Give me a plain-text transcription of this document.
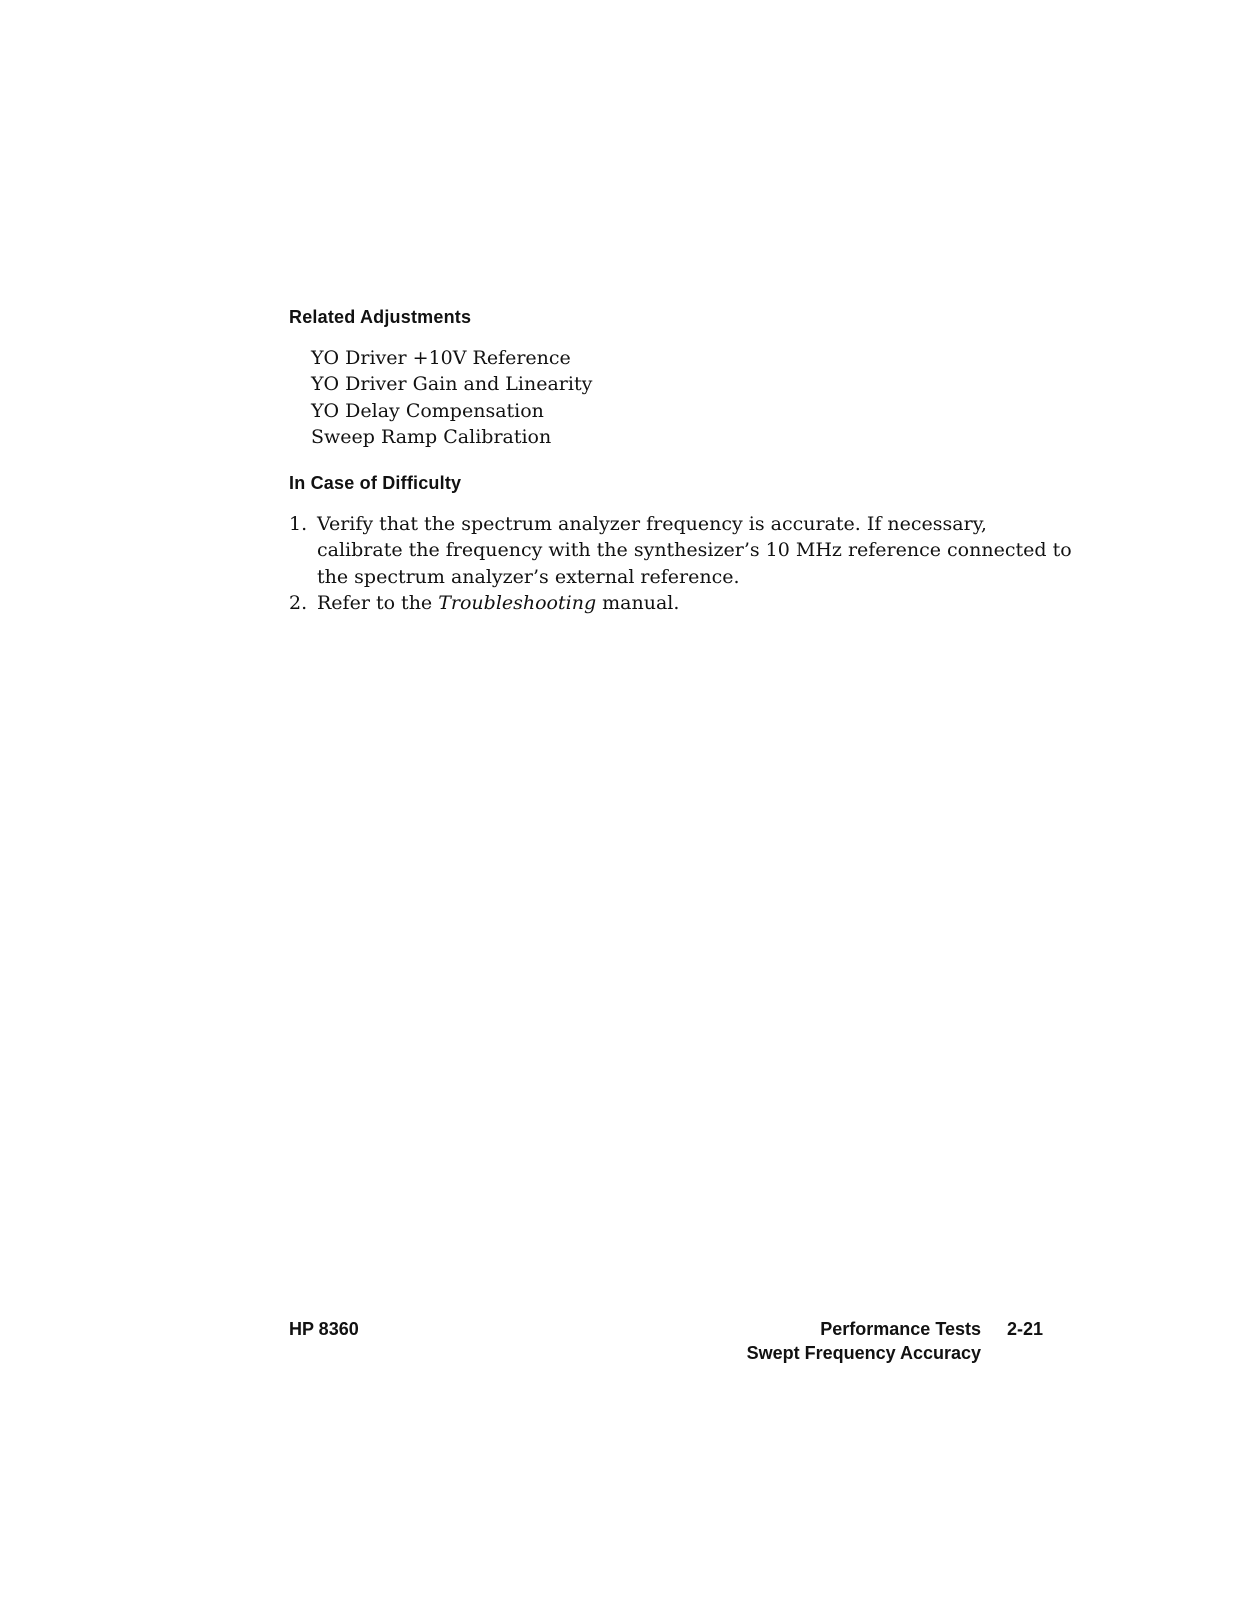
Related Adjustments
YO Driver +10V Reference
YO Driver Gain and Linearity
YO Delay Compensation
Sweep Ramp Calibration
In Case of Difficulty
1. Verify that the spectrum analyzer frequency is accurate. If necessary,
calibrate the frequency with the synthesizer’s 10 MHz reference connected to
the spectrum analyzer’s external reference.
2. Refer to the Troubleshooting manual.
HP 8360	Performance Tests 2-21
Swept Frequency Accuracy
